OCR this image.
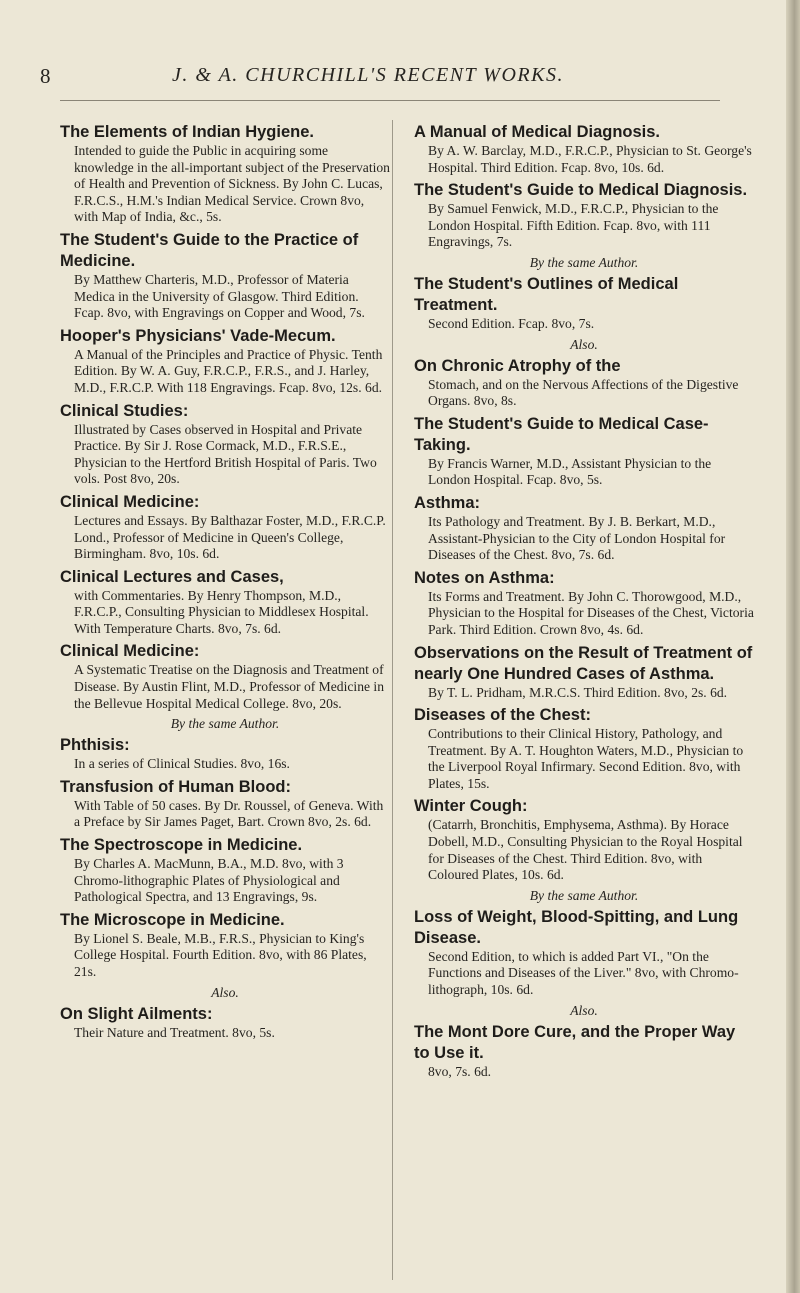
8	J. & A. CHURCHILL'S RECENT WORKS.
The Elements of Indian Hygiene.
Intended to guide the Public in acquiring some knowledge in the all-important subject of the Preservation of Health and Prevention of Sickness. By John C. Lucas, F.R.C.S., H.M.'s Indian Medical Service. Crown 8vo, with Map of India, &c., 5s.
The Student's Guide to the Practice of Medicine.
By Matthew Charteris, M.D., Professor of Materia Medica in the University of Glasgow. Third Edition. Fcap. 8vo, with Engravings on Copper and Wood, 7s.
Hooper's Physicians' Vade-Mecum.
A Manual of the Principles and Practice of Physic. Tenth Edition. By W. A. Guy, F.R.C.P., F.R.S., and J. Harley, M.D., F.R.C.P. With 118 Engravings. Fcap. 8vo, 12s. 6d.
Clinical Studies:
Illustrated by Cases observed in Hospital and Private Practice. By Sir J. Rose Cormack, M.D., F.R.S.E., Physician to the Hertford British Hospital of Paris. Two vols. Post 8vo, 20s.
Clinical Medicine:
Lectures and Essays. By Balthazar Foster, M.D., F.R.C.P. Lond., Professor of Medicine in Queen's College, Birmingham. 8vo, 10s. 6d.
Clinical Lectures and Cases,
with Commentaries. By Henry Thompson, M.D., F.R.C.P., Consulting Physician to Middlesex Hospital. With Temperature Charts. 8vo, 7s. 6d.
Clinical Medicine:
A Systematic Treatise on the Diagnosis and Treatment of Disease. By Austin Flint, M.D., Professor of Medicine in the Bellevue Hospital Medical College. 8vo, 20s.
By the same Author.
Phthisis:
In a series of Clinical Studies. 8vo, 16s.
Transfusion of Human Blood:
With Table of 50 cases. By Dr. Roussel, of Geneva. With a Preface by Sir James Paget, Bart. Crown 8vo, 2s. 6d.
The Spectroscope in Medicine.
By Charles A. MacMunn, B.A., M.D. 8vo, with 3 Chromo-lithographic Plates of Physiological and Pathological Spectra, and 13 Engravings, 9s.
The Microscope in Medicine.
By Lionel S. Beale, M.B., F.R.S., Physician to King's College Hospital. Fourth Edition. 8vo, with 86 Plates, 21s.
Also.
On Slight Ailments:
Their Nature and Treatment. 8vo, 5s.
A Manual of Medical Diagnosis.
By A. W. Barclay, M.D., F.R.C.P., Physician to St. George's Hospital. Third Edition. Fcap. 8vo, 10s. 6d.
The Student's Guide to Medical Diagnosis.
By Samuel Fenwick, M.D., F.R.C.P., Physician to the London Hospital. Fifth Edition. Fcap. 8vo, with 111 Engravings, 7s.
By the same Author.
The Student's Outlines of Medical Treatment.
Second Edition. Fcap. 8vo, 7s.
Also.
On Chronic Atrophy of the
Stomach, and on the Nervous Affections of the Digestive Organs. 8vo, 8s.
The Student's Guide to Medical Case-Taking.
By Francis Warner, M.D., Assistant Physician to the London Hospital. Fcap. 8vo, 5s.
Asthma:
Its Pathology and Treatment. By J. B. Berkart, M.D., Assistant-Physician to the City of London Hospital for Diseases of the Chest. 8vo, 7s. 6d.
Notes on Asthma:
Its Forms and Treatment. By John C. Thorowgood, M.D., Physician to the Hospital for Diseases of the Chest, Victoria Park. Third Edition. Crown 8vo, 4s. 6d.
Observations on the Result of Treatment of nearly One Hundred Cases of Asthma.
By T. L. Pridham, M.R.C.S. Third Edition. 8vo, 2s. 6d.
Diseases of the Chest:
Contributions to their Clinical History, Pathology, and Treatment. By A. T. Houghton Waters, M.D., Physician to the Liverpool Royal Infirmary. Second Edition. 8vo, with Plates, 15s.
Winter Cough:
(Catarrh, Bronchitis, Emphysema, Asthma). By Horace Dobell, M.D., Consulting Physician to the Royal Hospital for Diseases of the Chest. Third Edition. 8vo, with Coloured Plates, 10s. 6d.
By the same Author.
Loss of Weight, Blood-Spitting, and Lung Disease.
Second Edition, to which is added Part VI., "On the Functions and Diseases of the Liver." 8vo, with Chromo-lithograph, 10s. 6d.
Also.
The Mont Dore Cure, and the Proper Way to Use it.
8vo, 7s. 6d.
